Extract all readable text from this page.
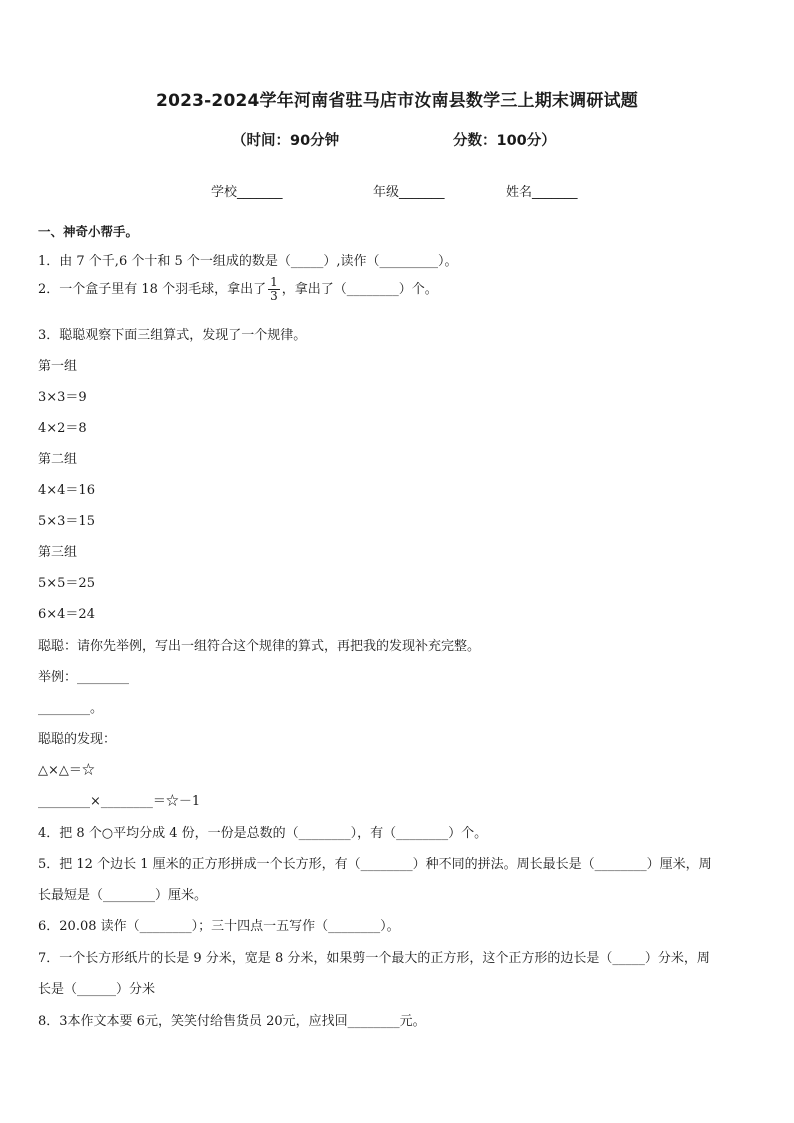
2023-2024学年河南省驻马店市汝南县数学三上期末调研试题
（时间：90分钟	分数：100分）
学校_______	年级_______	姓名_______
一、神奇小帮手。
1．由 7 个千,6 个十和 5 个一组成的数是（_____）,读作（_________）。
2．一个盒子里有 18 个羽毛球，拿出了 $\frac{1}{3}$ ，拿出了（________）个。
3．聪聪观察下面三组算式，发现了一个规律。
第一组
3×3＝9
4×2＝8
第二组
4×4＝16
5×3＝15
第三组
5×5＝25
6×4＝24
聪聪：请你先举例，写出一组符合这个规律的算式，再把我的发现补充完整。
举例：________
________。
聪聪的发现：
△×△＝☆
________×________＝☆－1
4．把 8 个○平均分成 4 份，一份是总数的（________），有（________）个。
5．把 12 个边长 1 厘米的正方形拼成一个长方形，有（________）种不同的拼法。周长最长是（________）厘米，周
长最短是（________）厘米。
6．20.08 读作（________）；三十四点一五写作（________）。
7．一个长方形纸片的长是 9 分米，宽是 8 分米，如果剪一个最大的正方形，这个正方形的边长是（_____）分米，周
长是（______）分米
8．3本作文本要 6元，笑笑付给售货员 20元，应找回________元。
